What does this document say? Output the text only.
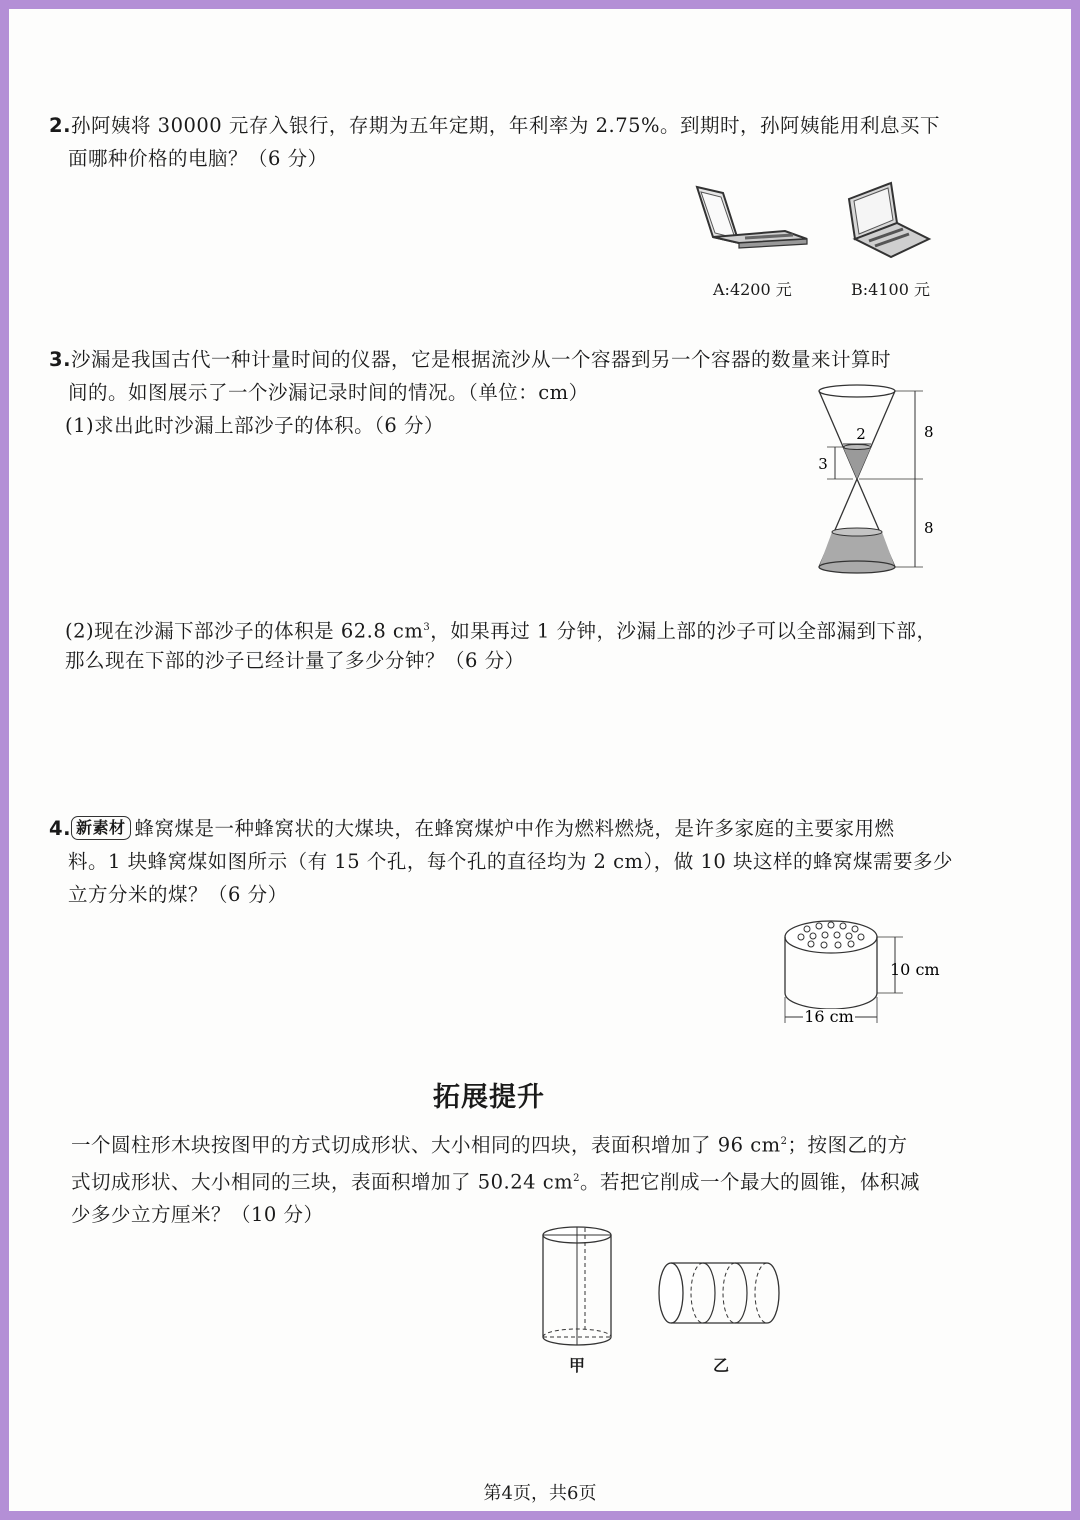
2.孙阿姨将 30000 元存入银行，存期为五年定期，年利率为 2.75%。到期时，孙阿姨能用利息买下
面哪种价格的电脑？（6 分）
A:4200 元	B:4100 元
3.沙漏是我国古代一种计量时间的仪器，它是根据流沙从一个容器到另一个容器的数量来计算时
间的。如图展示了一个沙漏记录时间的情况。（单位：cm）
(1)求出此时沙漏上部沙子的体积。（6 分）	2
3
8
8
(2)现在沙漏下部沙子的体积是 62.8 $cm^3$，如果再过 1 分钟，沙漏上部的沙子可以全部漏到下部，
那么现在下部的沙子已经计量了多少分钟？（6 分）
4. 新素材 蜂窝煤是一种蜂窝状的大煤块，在蜂窝煤炉中作为燃料燃烧，是许多家庭的主要家用燃
料。1 块蜂窝煤如图所示（有 15 个孔，每个孔的直径均为 2 cm），做 10 块这样的蜂窝煤需要多少
立方分米的煤？（6 分）
10 cm
16 cm
拓展提升
一个圆柱形木块按图甲的方式切成形状、大小相同的四块，表面积增加了 96 $cm^2$；按图乙的方
式切成形状、大小相同的三块，表面积增加了 50.24 $cm^2$。若把它削成一个最大的圆锥，体积减
少多少立方厘米？（10 分）
甲	乙
第4页，共6页
